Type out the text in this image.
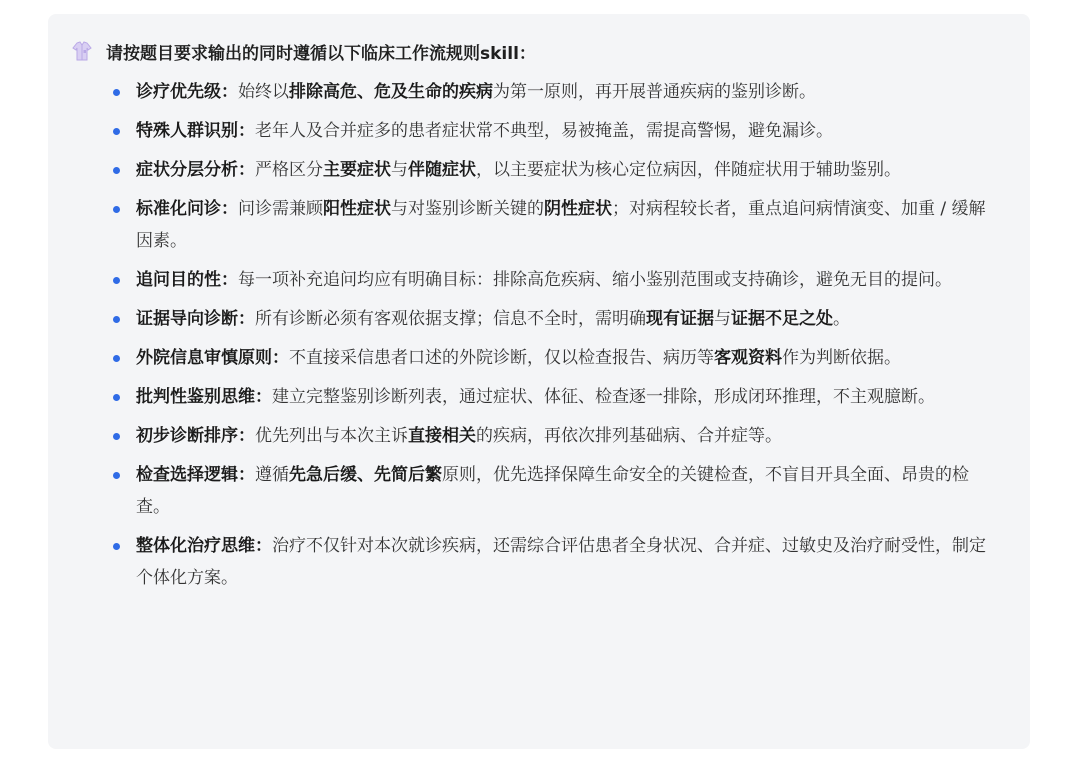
请按题目要求输出的同时遵循以下临床工作流规则skill：
诊疗优先级：始终以排除高危、危及生命的疾病为第一原则，再开展普通疾病的鉴别诊断。
特殊人群识别：老年人及合并症多的患者症状常不典型，易被掩盖，需提高警惕，避免漏诊。
症状分层分析：严格区分主要症状与伴随症状，以主要症状为核心定位病因，伴随症状用于辅助鉴别。
标准化问诊：问诊需兼顾阳性症状与对鉴别诊断关键的阴性症状；对病程较长者，重点追问病情演变、加重 / 缓解因素。
追问目的性：每一项补充追问均应有明确目标：排除高危疾病、缩小鉴别范围或支持确诊，避免无目的提问。
证据导向诊断：所有诊断必须有客观依据支撑；信息不全时，需明确现有证据与证据不足之处。
外院信息审慎原则：不直接采信患者口述的外院诊断，仅以检查报告、病历等客观资料作为判断依据。
批判性鉴别思维：建立完整鉴别诊断列表，通过症状、体征、检查逐一排除，形成闭环推理，不主观臆断。
初步诊断排序：优先列出与本次主诉直接相关的疾病，再依次排列基础病、合并症等。
检查选择逻辑：遵循先急后缓、先简后繁原则，优先选择保障生命安全的关键检查，不盲目开具全面、昂贵的检查。
整体化治疗思维：治疗不仅针对本次就诊疾病，还需综合评估患者全身状况、合并症、过敏史及治疗耐受性，制定个体化方案。
